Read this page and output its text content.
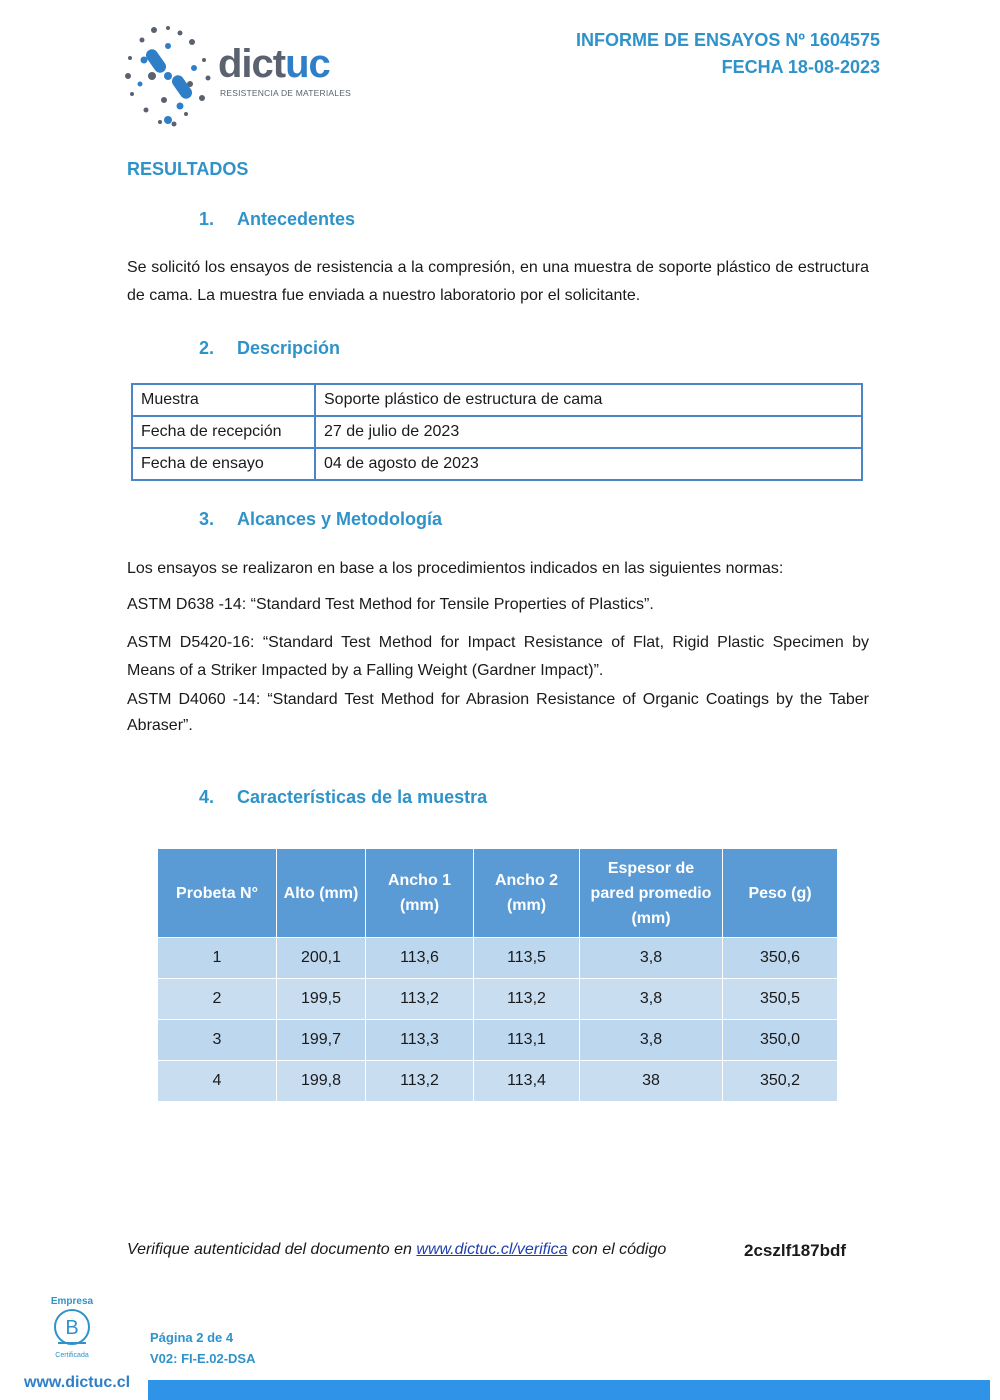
dictuc
RESISTENCIA DE MATERIALES
INFORME DE ENSAYOS Nº 1604575
FECHA 18-08-2023
RESULTADOS
1. Antecedentes
Se solicitó los ensayos de resistencia a la compresión, en una muestra de soporte plástico de estructura de cama. La muestra fue enviada a nuestro laboratorio por el solicitante.
2. Descripción
Muestra	Soporte plástico de estructura de cama
Fecha de recepción	27 de julio de 2023
Fecha de ensayo	04 de agosto de 2023
3. Alcances y Metodología
Los ensayos se realizaron en base a los procedimientos indicados en las siguientes normas:
ASTM D638 -14: “Standard Test Method for Tensile Properties of Plastics”.
ASTM D5420-16: “Standard Test Method for Impact Resistance of Flat, Rigid Plastic Specimen by Means of a Striker Impacted by a Falling Weight (Gardner Impact)”.
ASTM D4060 -14: “Standard Test Method for Abrasion Resistance of Organic Coatings by the Taber Abraser”.
4. Características de la muestra
Probeta N°	Alto (mm)	Ancho 1 (mm)	Ancho 2 (mm)	Espesor de pared promedio (mm)	Peso (g)
1	200,1	113,6	113,5	3,8	350,6
2	199,5	113,2	113,2	3,8	350,5
3	199,7	113,3	113,1	3,8	350,0
4	199,8	113,2	113,4	38	350,2
Verifique autenticidad del documento en www.dictuc.cl/verifica con el código	2cszlf187bdf
Empresa
B
Certificada
www.dictuc.cl
Página 2 de 4
V02: FI-E.02-DSA
